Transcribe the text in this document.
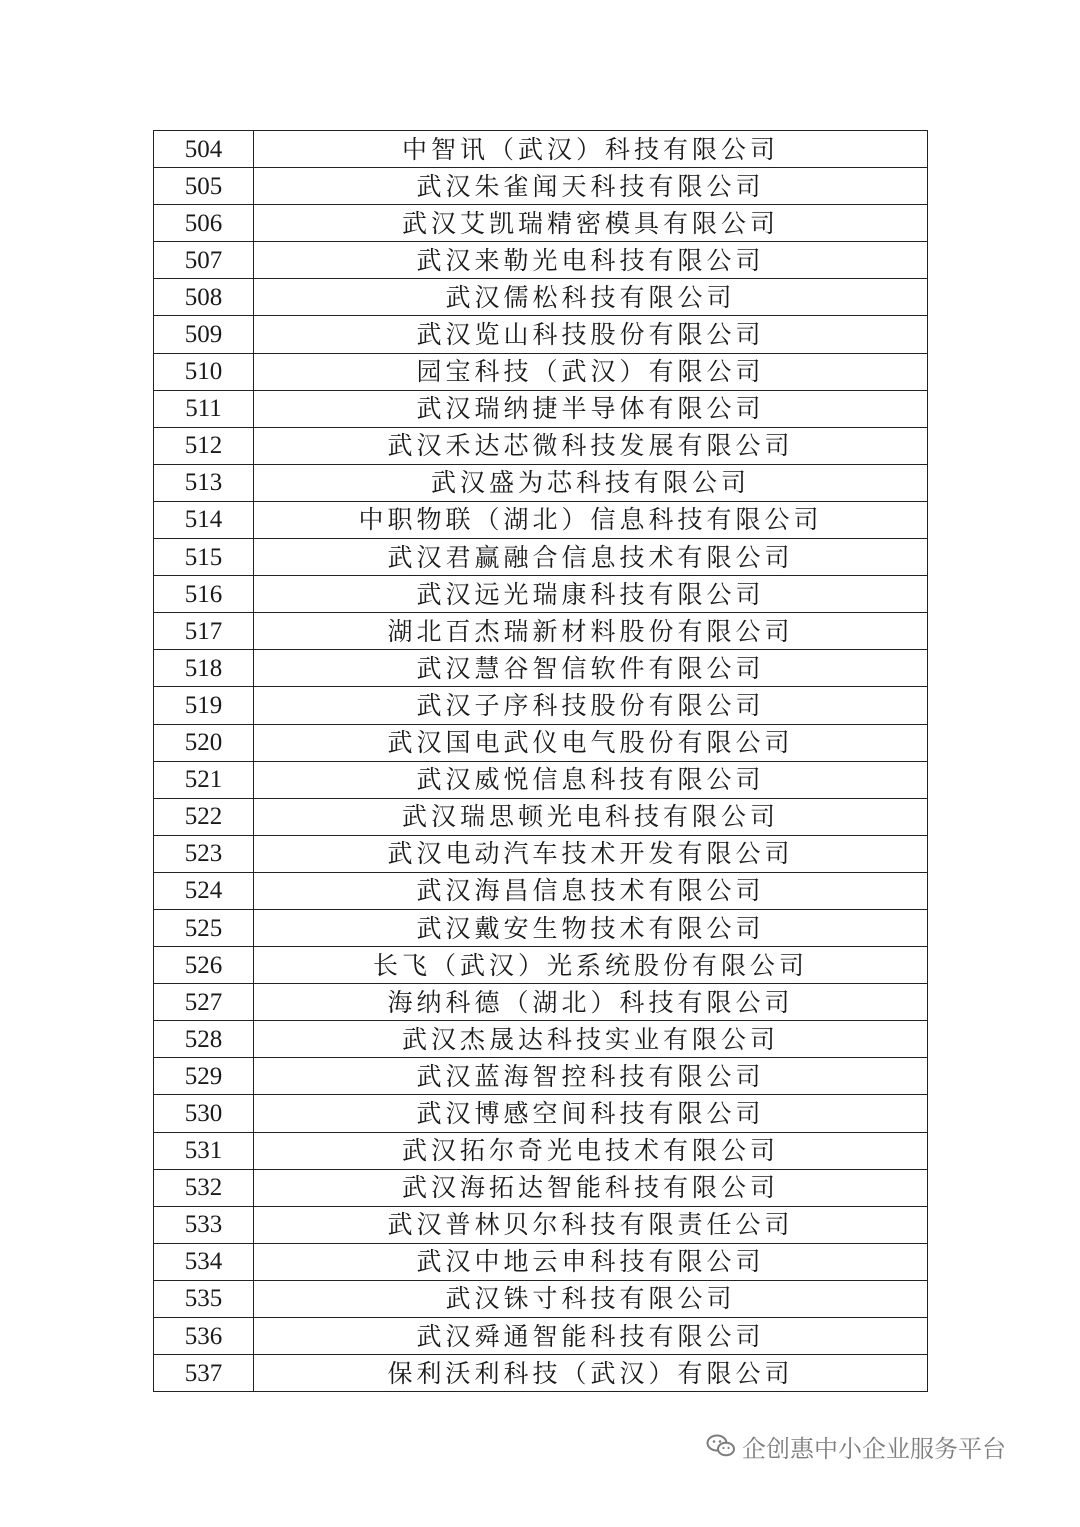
504	中智讯（武汉）科技有限公司
505	武汉朱雀闻天科技有限公司
506	武汉艾凯瑞精密模具有限公司
507	武汉来勒光电科技有限公司
508	武汉儒松科技有限公司
509	武汉览山科技股份有限公司
510	园宝科技（武汉）有限公司
511	武汉瑞纳捷半导体有限公司
512	武汉禾达芯微科技发展有限公司
513	武汉盛为芯科技有限公司
514	中职物联（湖北）信息科技有限公司
515	武汉君赢融合信息技术有限公司
516	武汉远光瑞康科技有限公司
517	湖北百杰瑞新材料股份有限公司
518	武汉慧谷智信软件有限公司
519	武汉子序科技股份有限公司
520	武汉国电武仪电气股份有限公司
521	武汉威悦信息科技有限公司
522	武汉瑞思顿光电科技有限公司
523	武汉电动汽车技术开发有限公司
524	武汉海昌信息技术有限公司
525	武汉戴安生物技术有限公司
526	长飞（武汉）光系统股份有限公司
527	海纳科德（湖北）科技有限公司
528	武汉杰晟达科技实业有限公司
529	武汉蓝海智控科技有限公司
530	武汉博感空间科技有限公司
531	武汉拓尔奇光电技术有限公司
532	武汉海拓达智能科技有限公司
533	武汉普林贝尔科技有限责任公司
534	武汉中地云申科技有限公司
535	武汉铢寸科技有限公司
536	武汉舜通智能科技有限公司
537	保利沃利科技（武汉）有限公司
企创惠中小企业服务平台
